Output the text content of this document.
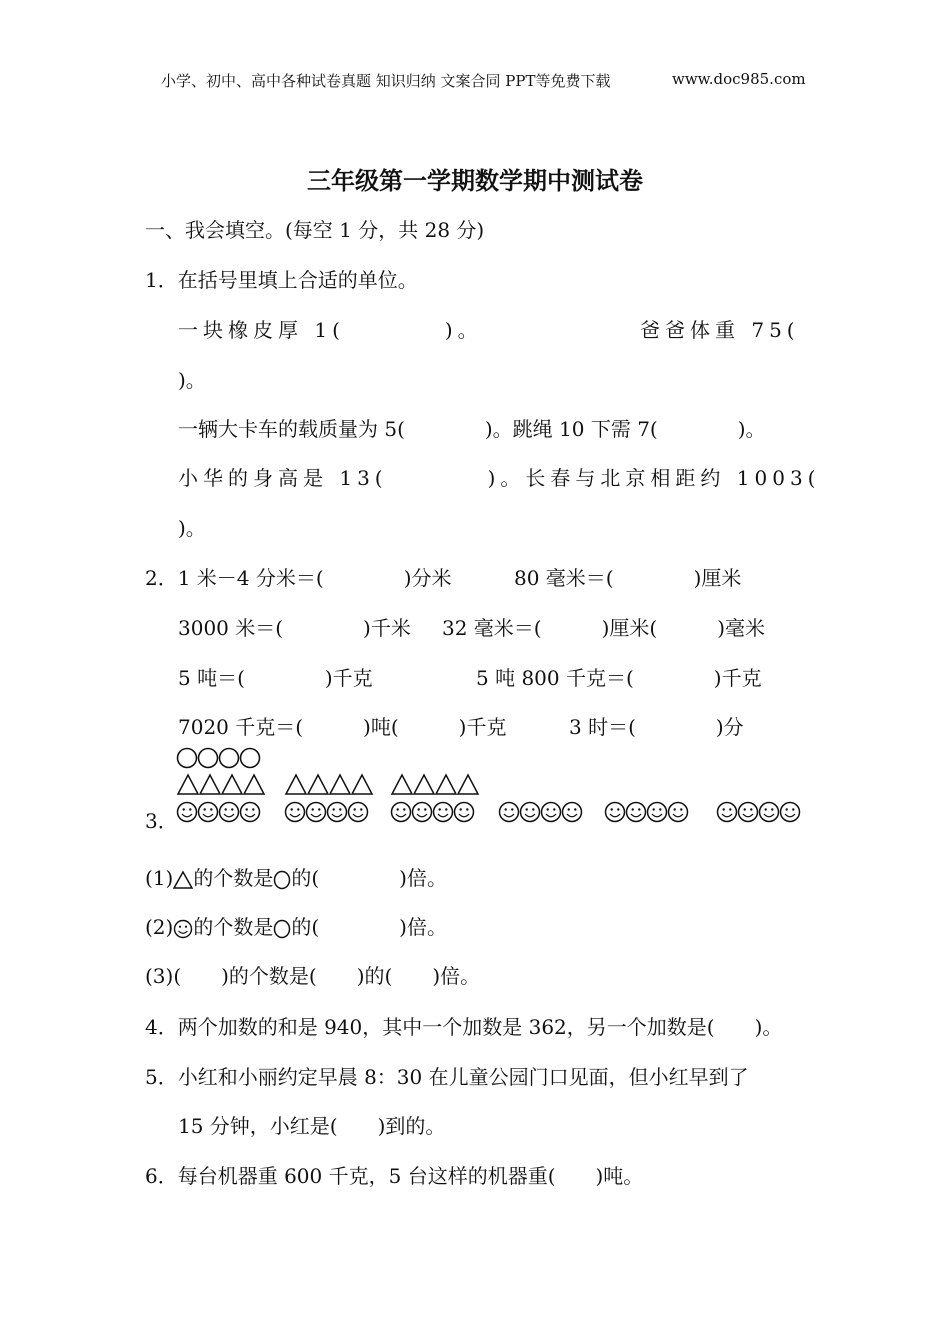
小学、初中、高中各种试卷真题 知识归纳 文案合同 PPT等免费下载	www.doc985.com
三年级第一学期数学期中测试卷
一、我会填空。(每空 1 分，共 28 分)
1．在括号里填上合适的单位。
一块橡皮厚 1(　　　　)。	爸爸体重 75(
)。
一辆大卡车的载质量为 5(　　　　)。跳绳 10 下需 7(　　　　)。
小华的身高是 13(　　　　)。长春与北京相距约 1003(
)。
2．1 米－4 分米＝(　　　　)分米	80 毫米＝(　　　　)厘米
3000 米＝(　　　　)千米 32 毫米＝(　　　)厘米(　　　)毫米
5 吨＝(　　　　)千克	5 吨 800 千克＝(　　　　)千克
7020 千克＝(　　　)吨(　　　)千克	3 时＝(　　　　)分
3．
(1) 的个数是 的(　　　　)倍。
(2) 的个数是 的(　　　　)倍。
(3)(　　)的个数是(　　)的(　　)倍。
4．两个加数的和是 940，其中一个加数是 362，另一个加数是(　　)。
5．小红和小丽约定早晨 8：30 在儿童公园门口见面，但小红早到了
15 分钟，小红是(　　)到的。
6．每台机器重 600 千克，5 台这样的机器重(　　)吨。
